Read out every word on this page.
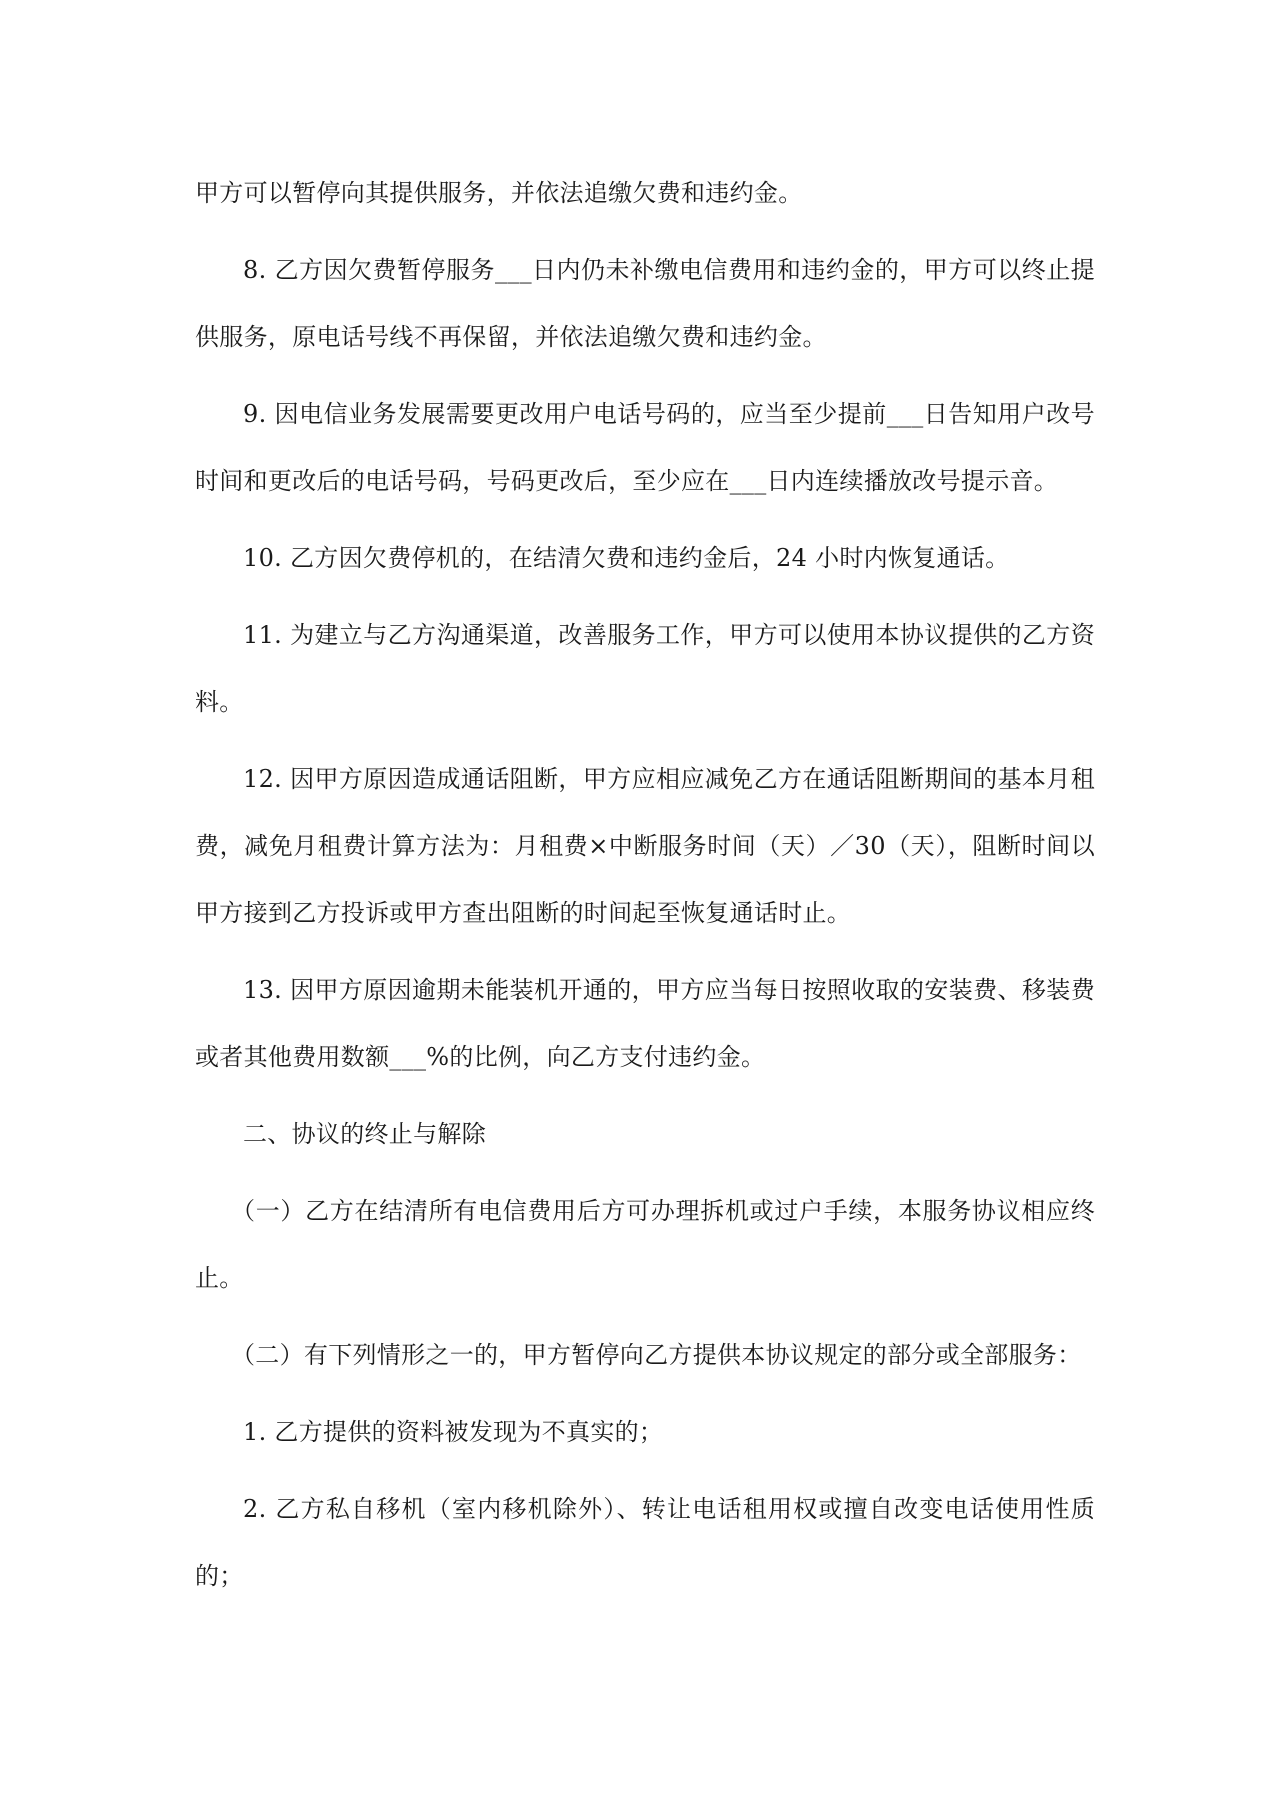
甲方可以暂停向其提供服务，并依法追缴欠费和违约金。

8. 乙方因欠费暂停服务___日内仍未补缴电信费用和违约金的，甲方可以终止提供服务，原电话号线不再保留，并依法追缴欠费和违约金。

9. 因电信业务发展需要更改用户电话号码的，应当至少提前___日告知用户改号时间和更改后的电话号码，号码更改后，至少应在___日内连续播放改号提示音。

10. 乙方因欠费停机的，在结清欠费和违约金后，24 小时内恢复通话。

11. 为建立与乙方沟通渠道，改善服务工作，甲方可以使用本协议提供的乙方资料。

12. 因甲方原因造成通话阻断，甲方应相应减免乙方在通话阻断期间的基本月租费，减免月租费计算方法为：月租费×中断服务时间（天）／30（天），阻断时间以甲方接到乙方投诉或甲方查出阻断的时间起至恢复通话时止。

13. 因甲方原因逾期未能装机开通的，甲方应当每日按照收取的安装费、移装费或者其他费用数额___%的比例，向乙方支付违约金。

二、协议的终止与解除

（一）乙方在结清所有电信费用后方可办理拆机或过户手续，本服务协议相应终止。

（二）有下列情形之一的，甲方暂停向乙方提供本协议规定的部分或全部服务：

1. 乙方提供的资料被发现为不真实的；

2. 乙方私自移机（室内移机除外）、转让电话租用权或擅自改变电话使用性质的；
